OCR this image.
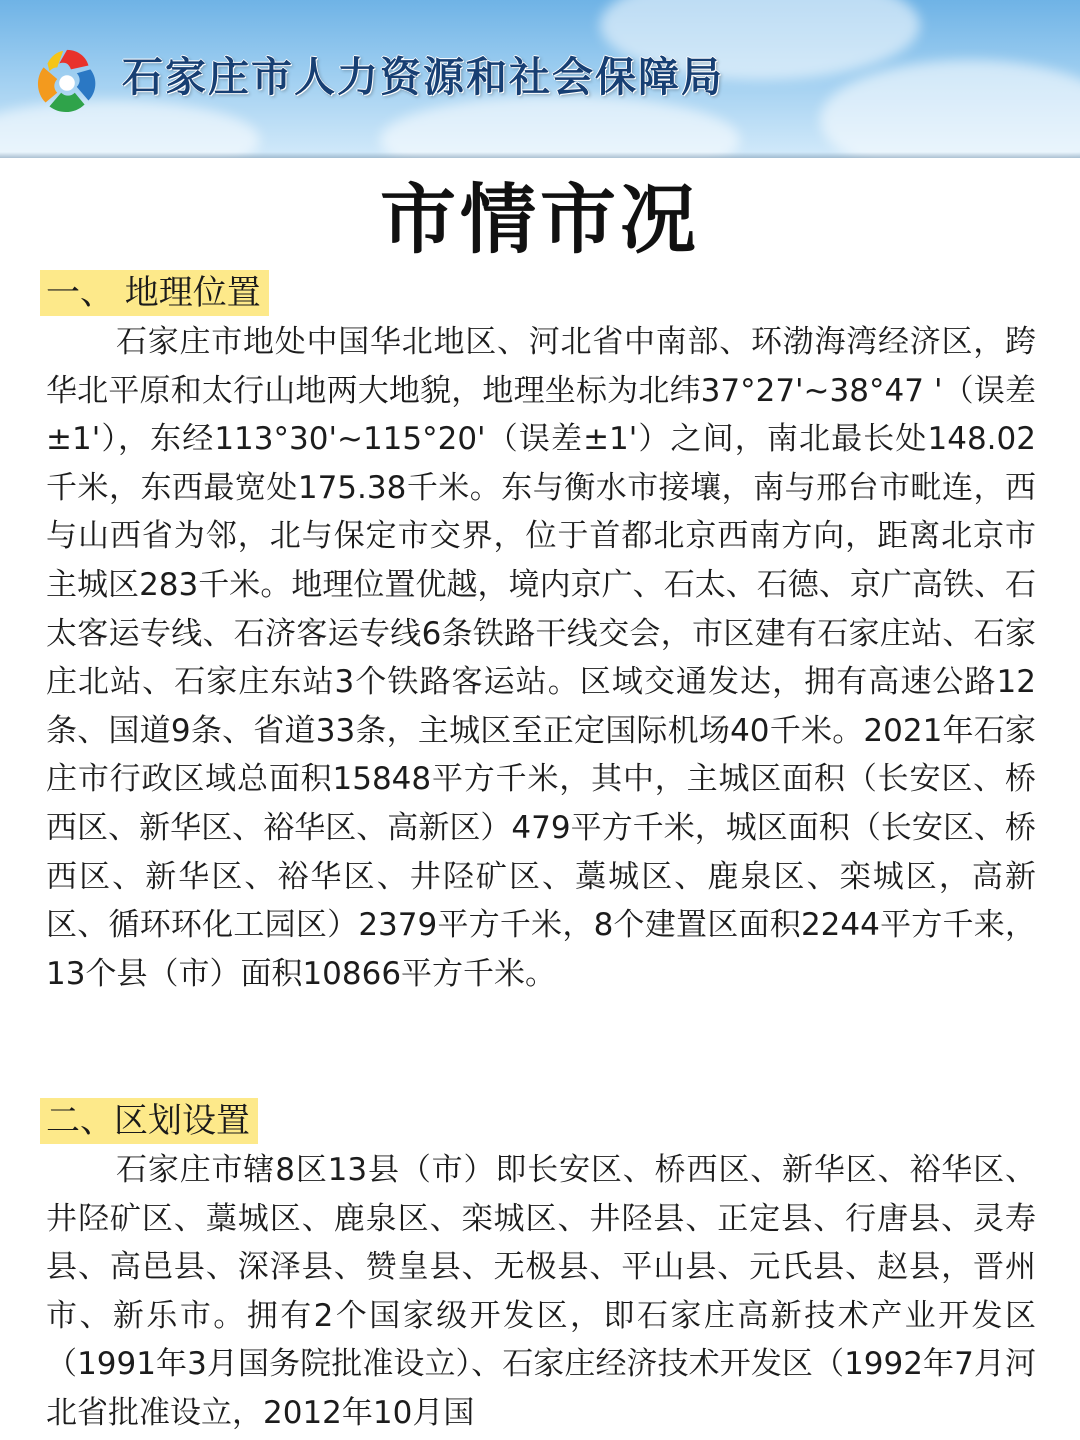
石家庄市人力资源和社会保障局
市情市况
一、 地理位置

石家庄市地处中国华北地区、河北省中南部、环渤海湾经济区，跨华北平原和太行山地两大地貌，地理坐标为北纬37°27'~38°47 '（误差±1'），东经113°30'~115°20'（误差±1'）之间，南北最长处148.02千米，东西最宽处175.38千米。东与衡水市接壤，南与邢台市毗连，西与山西省为邻，北与保定市交界，位于首都北京西南方向，距离北京市主城区283千米。地理位置优越，境内京广、石太、石德、京广高铁、石太客运专线、石济客运专线6条铁路干线交会，市区建有石家庄站、石家庄北站、石家庄东站3个铁路客运站。区域交通发达，拥有高速公路12条、国道9条、省道33条，主城区至正定国际机场40千米。2021年石家庄市行政区域总面积15848平方千米，其中，主城区面积（长安区、桥西区、新华区、裕华区、高新区）479平方千米，城区面积（长安区、桥西区、新华区、裕华区、井陉矿区、藁城区、鹿泉区、栾城区，高新区、循环环化工园区）2379平方千米，8个建置区面积2244平方千来，13个县（市）面积10866平方千米。

二、区划设置

石家庄市辖8区13县（市）即长安区、桥西区、新华区、裕华区、井陉矿区、藁城区、鹿泉区、栾城区、井陉县、正定县、行唐县、灵寿县、高邑县、深泽县、赞皇县、无极县、平山县、元氏县、赵县，晋州市、新乐市。拥有2个国家级开发区，即石家庄高新技术产业开发区（1991年3月国务院批准设立）、石家庄经济技术开发区（1992年7月河北省批准设立，2012年10月国
